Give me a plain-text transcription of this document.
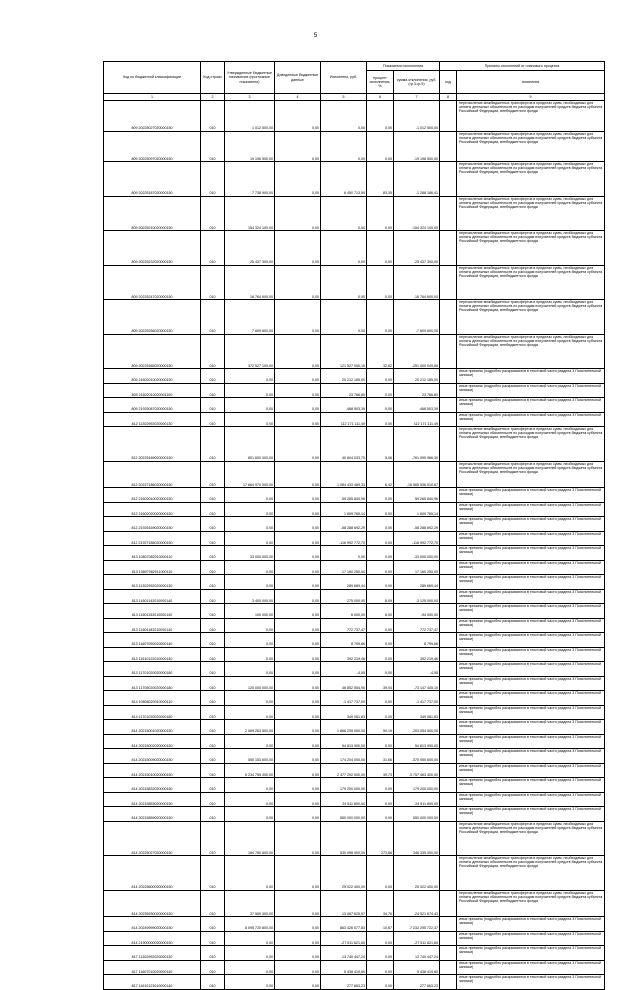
5
Код по бюджетной классификации	Код строки	Утвержденные бюджетные назначения (прогнозные показатели)	Доведенные бюджетные данные	Исполнено, руб.	Показатели исполнения		Причины отклонений от планового процента	
					процент исполнения, %	сумма отклонения, руб. (гр.3-гр.5)	код	пояснения
1	2	3	4	5	6	7	8	9
809 20225027020000150	010	1 012 500,00	0,00	0,00	0,00	-1 012 500,00		перечисление межбюджетных трансфертов в пределах сумм, необходимых для оплаты денежных обязательств по расходам получателей средств бюджета субъекта Российской Федерации, внебюджетного фонда
809 20225097020000150	010	19 196 500,00	0,00	0,00	0,00	-19 196 500,00		перечисление межбюджетных трансфертов в пределах сумм, необходимых для оплаты денежных обязательств по расходам получателей средств бюджета субъекта Российской Федерации, внебюджетного фонда
809 20225187020000150	010	7 738 900,00	0,00	6 450 713,59	83,35	-1 288 186,41		перечисление межбюджетных трансфертов в пределах сумм, необходимых для оплаты денежных обязательств по расходам получателей средств бюджета субъекта Российской Федерации, внебюджетного фонда
809 20225210020000150	010	154 324 100,00	0,00	0,00	0,00	-154 324 100,00		перечисление межбюджетных трансфертов в пределах сумм, необходимых для оплаты денежных обязательств по расходам получателей средств бюджета субъекта Российской Федерации, внебюджетного фонда
809 20225232020000150	010	25 437 300,00	0,00	0,00	0,00	-25 437 300,00		перечисление межбюджетных трансфертов в пределах сумм, необходимых для оплаты денежных обязательств по расходам получателей средств бюджета субъекта Российской Федерации, внебюджетного фонда
809 20225247020000150	010	16 764 600,00	0,00	0,00	0,00	-16 764 600,00		перечисление межбюджетных трансфертов в пределах сумм, необходимых для оплаты денежных обязательств по расходам получателей средств бюджета субъекта Российской Федерации, внебюджетного фонда
809 20225256020000150	010	7 609 600,00	0,00	0,00	0,00	-7 609 600,00		перечисление межбюджетных трансфертов в пределах сумм, необходимых для оплаты денежных обязательств по расходам получателей средств бюджета субъекта Российской Федерации, внебюджетного фонда
809 20225365020000150	010	372 527 100,00	0,00	121 527 050,15	32,62	-251 000 049,85		перечисление межбюджетных трансфертов в пределах сумм, необходимых для оплаты денежных обязательств по расходам получателей средств бюджета субъекта Российской Федерации, внебюджетного фонда
809 21602010020000150	010	0,00	0,00	20 212 185,00	0,00	20 212 185,00		иные причины (подробно раскрываются в текстовой части раздела 3 Пояснительной записки)
809 21602010020001150	010	0,00	0,00	23 766,80	0,00	23 766,80		иные причины (подробно раскрываются в текстовой части раздела 3 Пояснительной записки)
809 21925087020000150	010	0,00	0,00	-468 503,39	0,00	-468 503,39		иные причины (подробно раскрываются в текстовой части раздела 3 Пояснительной записки)
812 11302992020000130	010	0,00	0,00	112 171 111,49	0,00	112 171 111,49		иные причины (подробно раскрываются в текстовой части раздела 3 Пояснительной записки)
812 20225169020000150	010	801 600 000,00	0,00	40 604 033,70	5,06	-761 095 966,30		перечисление межбюджетных трансфертов в пределах сумм, необходимых для оплаты денежных обязательств по расходам получателей средств бюджета субъекта Российской Федерации, внебюджетного фонда
812 20227186020000150	010	17 664 970 000,00	0,00	1 084 433 489,33	6,42	-16 565 536 510,67		перечисление межбюджетных трансфертов в пределах сумм, необходимых для оплаты денежных обязательств по расходам получателей средств бюджета субъекта Российской Федерации, внебюджетного фонда
812 21602010020000150	010	0,00	0,00	59 265 840,96	0,00	59 265 840,96		иные причины (подробно раскрываются в текстовой части раздела 3 Пояснительной записки)
812 21602020020000150	010	0,00	0,00	1 609 765,14	0,00	1 609 765,14		иные причины (подробно раскрываются в текстовой части раздела 3 Пояснительной записки)
812 21925169020000150	010	0,00	0,00	-58 288 692,29	0,00	-58 288 692,29		иные причины (подробно раскрываются в текстовой части раздела 3 Пояснительной записки)
812 21927186020000150	010	0,00	0,00	-116 992 772,70	0,00	-116 992 772,70		иные причины (подробно раскрываются в текстовой части раздела 3 Пояснительной записки)
813 10807082010000110	010	33 000 000,00	0,00	0,00	0,00	-33 000 000,00		иные причины (подробно раскрываются в текстовой части раздела 3 Пояснительной записки)
813 10807082011000110	010	0,00	0,00	17 160 250,00	0,00	17 160 250,00		иные причины (подробно раскрываются в текстовой части раздела 3 Пояснительной записки)
813 11302992020000130	010	0,00	0,00	289 669,44	0,00	289 669,44		иные причины (подробно раскрываются в текстовой части раздела 3 Пояснительной записки)
813 11601142010000140	010	3 400 000,00	0,00	275 000,00	8,09	-3 125 000,00		иные причины (подробно раскрываются в текстовой части раздела 3 Пояснительной записки)
813 11601152010000140	010	100 000,00	0,00	6 000,00	6,00	-94 000,00		иные причины (подробно раскрываются в текстовой части раздела 3 Пояснительной записки)
813 11601182010000140	010	0,00	0,00	772 737,47	0,00	772 737,47		иные причины (подробно раскрываются в текстовой части раздела 3 Пояснительной записки)
813 11607090020000140	010	0,00	0,00	8 799,66	0,00	8 799,66		иные причины (подробно раскрываются в текстовой части раздела 3 Пояснительной записки)
813 11610122010000140	010	0,00	0,00	392 219,46	0,00	392 219,46		иные причины (подробно раскрываются в текстовой части раздела 3 Пояснительной записки)
813 11701020020000180	010	0,00	0,00	-4,55	0,00	-4,55		иные причины (подробно раскрываются в текстовой части раздела 3 Пояснительной записки)
813 11705020020000180	010	120 000 000,00	0,00	46 852 554,90	39,04	-73 147 445,10		иные причины (подробно раскрываются в текстовой части раздела 3 Пояснительной записки)
814 10806020010000110	010	0,00	0,00	-1 417 737,00	0,00	-1 417 737,00		иные причины (подробно раскрываются в текстовой части раздела 3 Пояснительной записки)
814 11701020020000180	010	0,00	0,00	349 081,83	0,00	349 081,83		иные причины (подробно раскрываются в текстовой части раздела 3 Пояснительной записки)
814 20215001020000150	010	2 069 263 500,00	0,00	1 866 209 000,00	90,19	-203 054 500,00		иные причины (подробно раскрываются в текстовой части раздела 3 Пояснительной записки)
814 20215002020000150	010	0,00	0,00	54 813 900,00	0,00	54 813 900,00		иные причины (подробно раскрываются в текстовой части раздела 3 Пояснительной записки)
814 20215009020000150	010	550 153 600,00	0,00	174 204 000,00	31,66	-375 950 600,00		иные причины (подробно раскрываются в текстовой части раздела 3 Пояснительной записки)
814 20215010020000150	010	6 234 755 400,00	0,00	2 477 292 000,00	39,73	-3 757 463 400,00		иные причины (подробно раскрываются в текстовой части раздела 3 Пояснительной записки)
814 20215832020000150	010	0,00	0,00	179 200 000,00	0,00	179 200 000,00		иные причины (подробно раскрываются в текстовой части раздела 3 Пояснительной записки)
814 20215853020000150	010	0,00	0,00	24 511 800,00	0,00	24 511 800,00		иные причины (подробно раскрываются в текстовой части раздела 3 Пояснительной записки)
814 20215859020000150	010	0,00	0,00	550 000 000,00	0,00	550 000 000,00		иные причины (подробно раскрываются в текстовой части раздела 3 Пояснительной записки)
814 20225027020000150	010	184 780 600,00	0,00	530 098 900,00	273,88	346 335 300,00		перечисление межбюджетных трансфертов в пределах сумм, необходимых для оплаты денежных обязательств по расходам получателей средств бюджета субъекта Российской Федерации, внебюджетного фонда
814 20225600020000150	010	0,00	0,00	25 022 400,00	0,00	25 022 400,00		перечисление межбюджетных трансфертов в пределах сумм, необходимых для оплаты денежных обязательств по расходам получателей средств бюджета субъекта Российской Федерации, внебюджетного фонда
814 20235930020000150	010	37 589 300,00	0,00	13 067 625,57	34,76	-24 521 674,43		перечисление межбюджетных трансфертов в пределах сумм, необходимых для оплаты денежных обязательств по расходам получателей средств бюджета субъекта Российской Федерации, внебюджетного фонда
814 20249999020000150	010	8 095 720 800,00	0,00	863 426 077,83	10,67	-7 232 295 722,37		иные причины (подробно раскрываются в текстовой части раздела 3 Пояснительной записки)
814 21900000020000150	010	0,00	0,00	-27 511 621,65	0,00	-27 511 621,65		иные причины (подробно раскрываются в текстовой части раздела 3 Пояснительной записки)
817 11302992020000130	010	0,00	0,00	13 740 447,24	0,00	13 740 447,24		иные причины (подробно раскрываются в текстовой части раздела 3 Пояснительной записки)
817 11607010020000140	010	0,00	0,00	5 438 419,80	0,00	5 438 419,80		иные причины (подробно раскрываются в текстовой части раздела 3 Пояснительной записки)
817 11610123010000140	010	0,00	0,00	277 663,23	0,00	277 663,23		иные причины (подробно раскрываются в текстовой части раздела 3 Пояснительной записки)
